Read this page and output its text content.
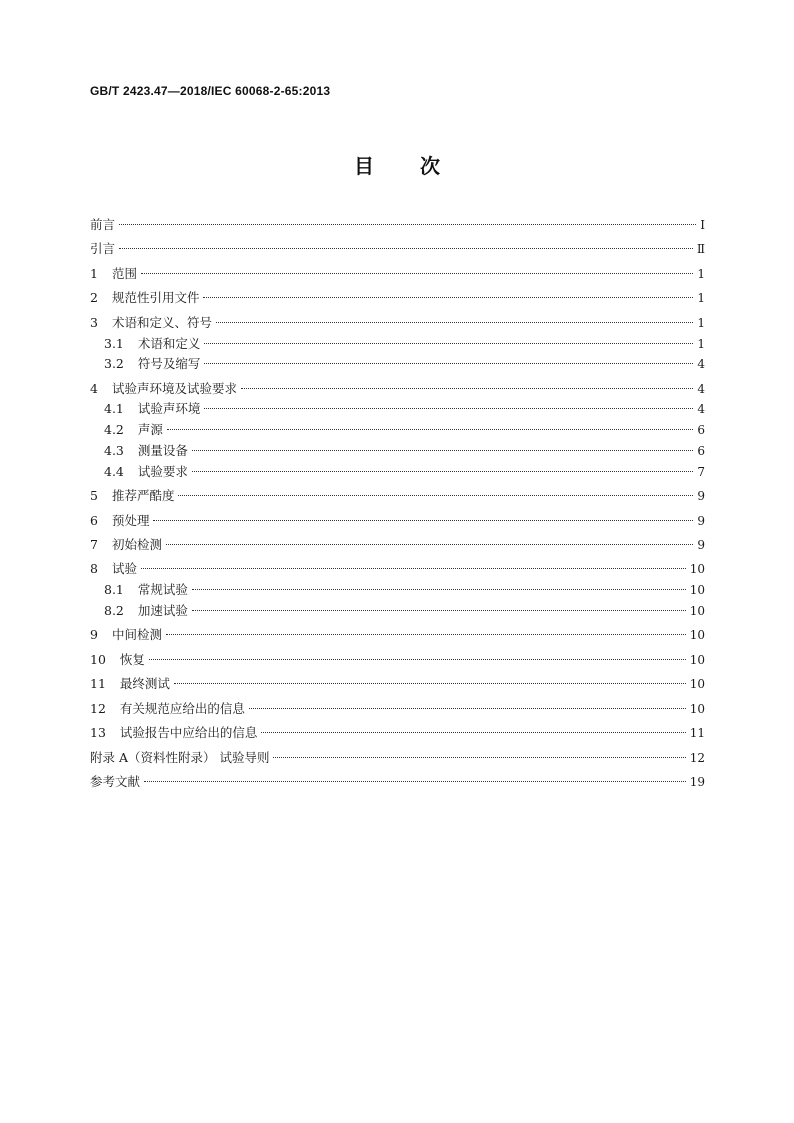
GB/T 2423.47—2018/IEC 60068-2-65:2013
目 次
前言	Ⅰ
引言	Ⅱ
1	范围	1
2	规范性引用文件	1
3	术语和定义、符号	1
3.1	术语和定义	1
3.2	符号及缩写	4
4	试验声环境及试验要求	4
4.1	试验声环境	4
4.2	声源	6
4.3	测量设备	6
4.4	试验要求	7
5	推荐严酷度	9
6	预处理	9
7	初始检测	9
8	试验	10
8.1	常规试验	10
8.2	加速试验	10
9	中间检测	10
10	恢复	10
11	最终测试	10
12	有关规范应给出的信息	10
13	试验报告中应给出的信息	11
附录 A（资料性附录） 试验导则	12
参考文献	19
